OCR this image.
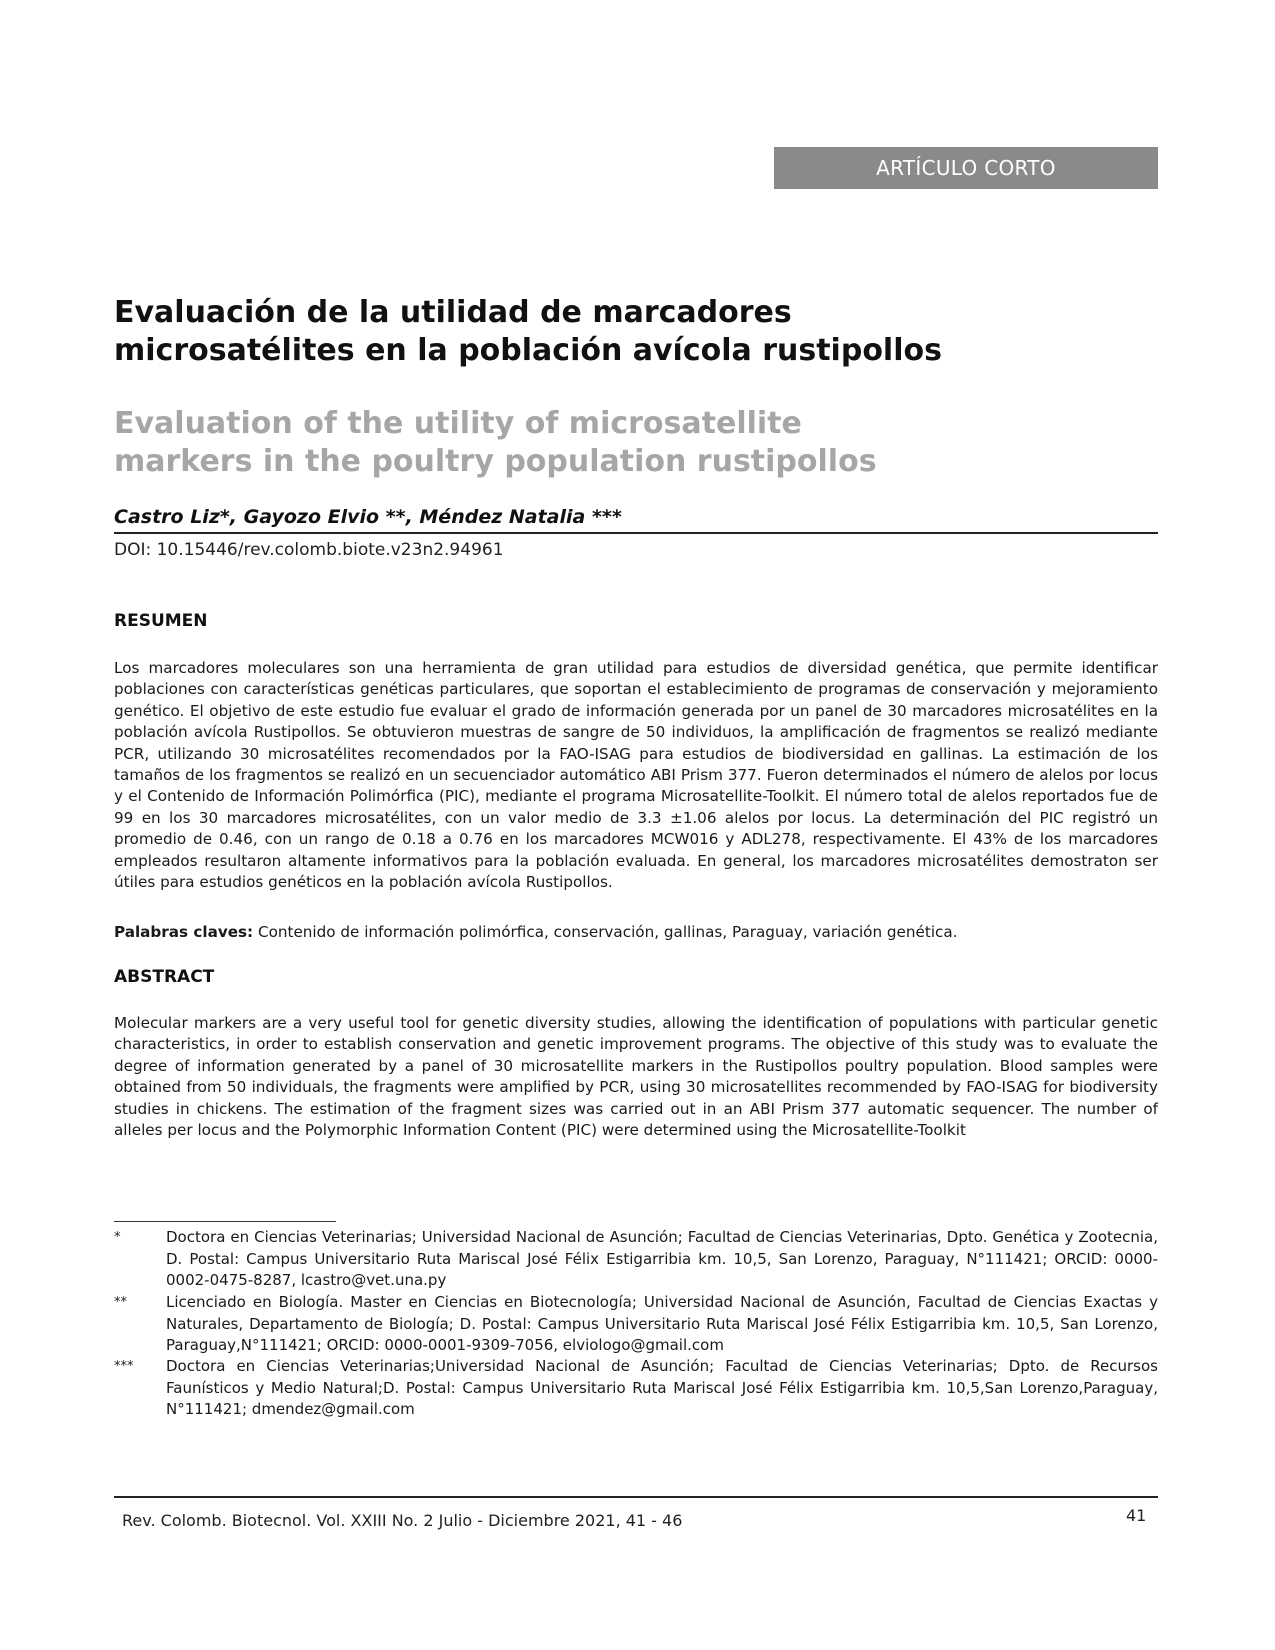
ARTÍCULO CORTO
Evaluación de la utilidad de marcadores
microsatélites en la población avícola rustipollos
Evaluation of the utility of microsatellite
markers in the poultry population rustipollos
Castro Liz*, Gayozo Elvio **, Méndez Natalia ***
DOI: 10.15446/rev.colomb.biote.v23n2.94961
RESUMEN
Los marcadores moleculares son una herramienta de gran utilidad para estudios de diversidad genética, que permite identificar poblaciones con características genéticas particulares, que soportan el establecimiento de programas de conservación y mejoramiento genético. El objetivo de este estudio fue evaluar el grado de información generada por un panel de 30 marcadores microsatélites en la población avícola Rustipollos. Se obtuvieron muestras de sangre de 50 individuos, la amplificación de fragmentos se realizó mediante PCR, utilizando 30 microsatélites recomendados por la FAO-ISAG para estudios de biodiversidad en gallinas. La estimación de los tamaños de los fragmentos se realizó en un secuenciador automático ABI Prism 377. Fueron determinados el número de alelos por locus y el Contenido de Información Polimórfica (PIC), mediante el programa Microsatellite-Toolkit. El número total de alelos reportados fue de 99 en los 30 marcadores microsatélites, con un valor medio de 3.3 ±1.06 alelos por locus. La determinación del PIC registró un promedio de 0.46, con un rango de 0.18 a 0.76 en los marcadores MCW016 y ADL278, respectivamente. El 43% de los marcadores empleados resultaron altamente informativos para la población evaluada. En general, los marcadores microsatélites demostraton ser útiles para estudios genéticos en la población avícola Rustipollos.
Palabras claves: Contenido de información polimórfica, conservación, gallinas, Paraguay, variación genética.
ABSTRACT
Molecular markers are a very useful tool for genetic diversity studies, allowing the identification of populations with particular genetic characteristics, in order to establish conservation and genetic improvement programs. The objective of this study was to evaluate the degree of information generated by a panel of 30 microsatellite markers in the Rustipollos poultry population. Blood samples were obtained from 50 individuals, the fragments were amplified by PCR, using 30 microsatellites recommended by FAO-ISAG for biodiversity studies in chickens. The estimation of the fragment sizes was carried out in an ABI Prism 377 automatic sequencer. The number of alleles per locus and the Polymorphic Information Content (PIC) were determined using the Microsatellite-Toolkit
*	Doctora en Ciencias Veterinarias; Universidad Nacional de Asunción; Facultad de Ciencias Veterinarias, Dpto. Genética y Zootecnia, D. Postal: Campus Universitario Ruta Mariscal José Félix Estigarribia km. 10,5, San Lorenzo, Paraguay, N°111421; ORCID: 0000-0002-0475-8287, lcastro@vet.una.py
**	Licenciado en Biología. Master en Ciencias en Biotecnología; Universidad Nacional de Asunción, Facultad de Ciencias Exactas y Naturales, Departamento de Biología; D. Postal: Campus Universitario Ruta Mariscal José Félix Estigarribia km. 10,5, San Lorenzo, Paraguay,N°111421; ORCID: 0000-0001-9309-7056, elviologo@gmail.com
***	Doctora en Ciencias Veterinarias;Universidad Nacional de Asunción; Facultad de Ciencias Veterinarias; Dpto. de Recursos Faunísticos y Medio Natural;D. Postal: Campus Universitario Ruta Mariscal José Félix Estigarribia km. 10,5,San Lorenzo,Paraguay, N°111421; dmendez@gmail.com
Rev. Colomb. Biotecnol. Vol. XXIII No. 2 Julio - Diciembre 2021, 41 - 46	41
